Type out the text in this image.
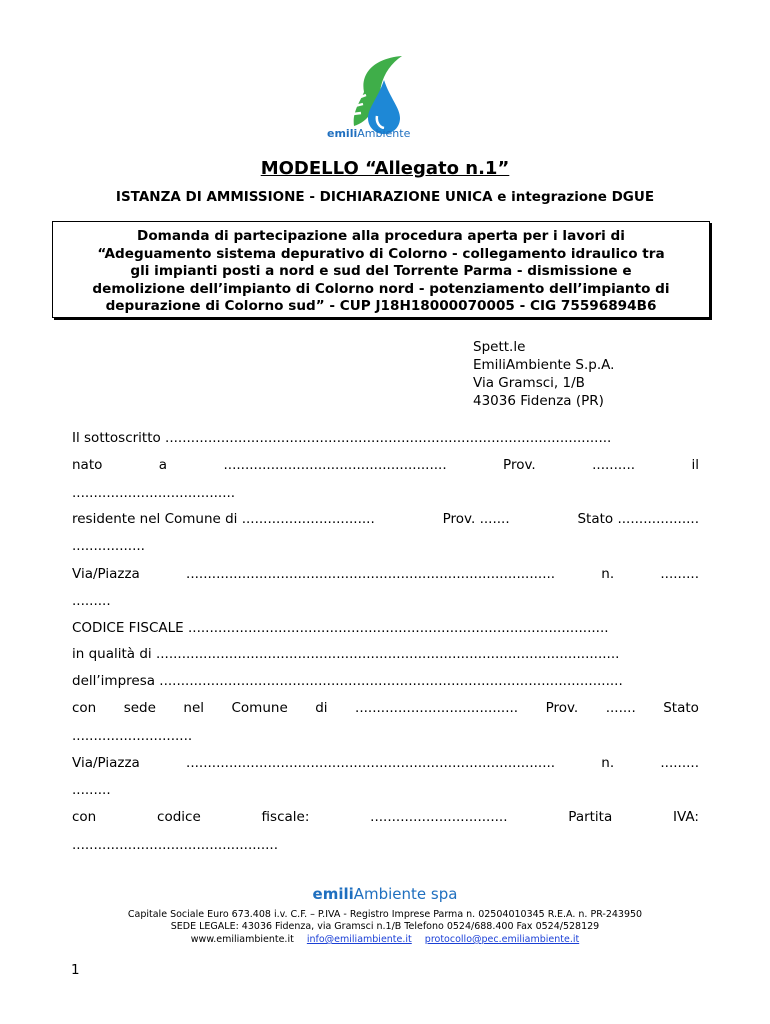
emiliAmbiente
MODELLO “Allegato n.1”
ISTANZA DI AMMISSIONE - DICHIARAZIONE UNICA e integrazione DGUE
Domanda di partecipazione alla procedura aperta per i lavori di
“Adeguamento sistema depurativo di Colorno - collegamento idraulico tra
gli impianti posti a nord e sud del Torrente Parma - dismissione e
demolizione dell’impianto di Colorno nord - potenziamento dell’impianto di
depurazione di Colorno sud” - CUP J18H18000070005 - CIG 75596894B6
Spett.le
EmiliAmbiente S.p.A.
Via Gramsci, 1/B
43036 Fidenza (PR)
Il sottoscritto ........................................................................................................
nato	a	....................................................	Prov.	..........	il
......................................
residente nel Comune di ...............................	Prov. .......	Stato ...................
.................
Via/Piazza	......................................................................................	n.	.........
.........
CODICE FISCALE ..................................................................................................
in qualità di ............................................................................................................
dell’impresa ............................................................................................................
con sede nel Comune di ...................................... Prov. ....... Stato
............................
Via/Piazza	......................................................................................	n.	.........
.........
con	codice	fiscale:	................................	Partita	IVA:
................................................
emiliAmbiente spa
Capitale Sociale Euro 673.408 i.v. C.F. – P.IVA - Registro Imprese Parma n. 02504010345 R.E.A. n. PR-243950
SEDE LEGALE: 43036 Fidenza, via Gramsci n.1/B Telefono 0524/688.400 Fax 0524/528129
www.emiliambiente.it info@emiliambiente.it protocollo@pec.emiliambiente.it
1
